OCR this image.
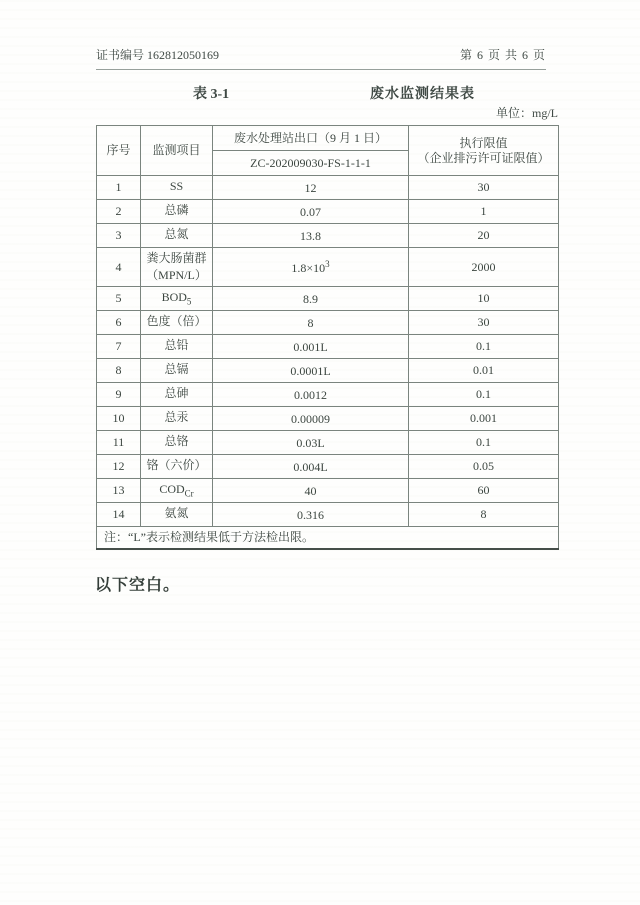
证书编号 162812050169	第 6 页 共 6 页
表 3-1	废水监测结果表
单位：mg/L
序号	监测项目	废水处理站出口（9 月 1 日）	执行限值
（企业排污许可证限值）

		ZC-202009030-FS-1-1-1	
1	SS	12	30
2	总磷	0.07	1
3	总氮	13.8	20
4	粪大肠菌群
（MPN/L）	$1.8\times 10^3$	2000
5	$BOD_5$	8.9	10
6	色度（倍）	8	30
7	总铅	0.001L	0.1
8	总镉	0.0001L	0.01
9	总砷	0.0012	0.1
10	总汞	0.00009	0.001
11	总铬	0.03L	0.1
12	铬（六价）	0.004L	0.05
13	$COD_{Cr}$	40	60
14	氨氮	0.316	8
注：“L”表示检测结果低于方法检出限。			
以下空白。
